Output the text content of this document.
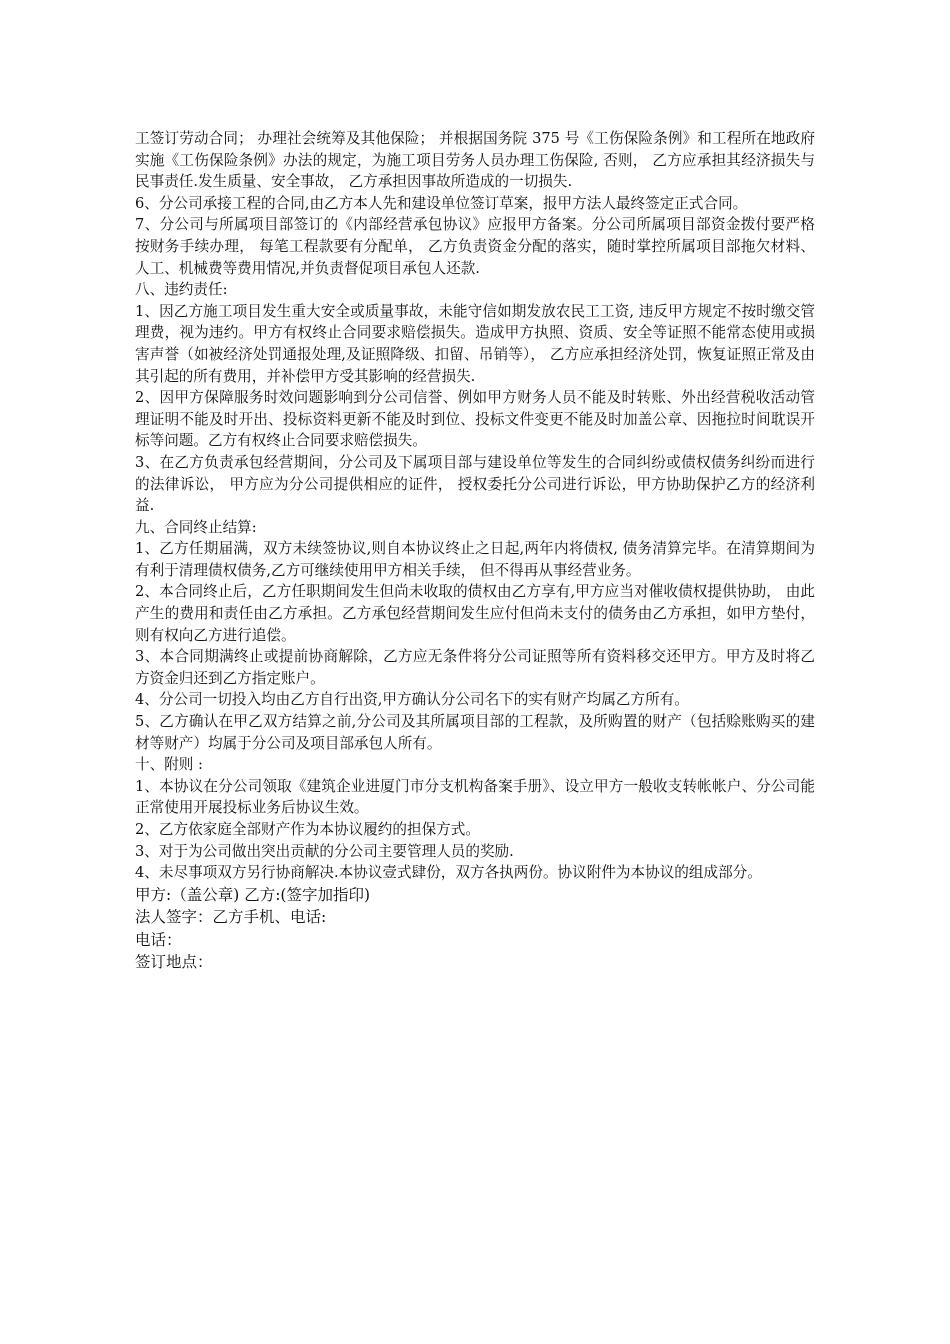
工签订劳动合同； 办理社会统筹及其他保险； 并根据国务院 375 号《工伤保险条例》和工程所在地政府实施《工伤保险条例》办法的规定，为施工项目劳务人员办理工伤保险, 否则， 乙方应承担其经济损失与民事责任.发生质量、安全事故， 乙方承担因事故所造成的一切损失.

6、分公司承接工程的合同,由乙方本人先和建设单位签订草案，报甲方法人最终签定正式合同。

7、分公司与所属项目部签订的《内部经营承包协议》应报甲方备案。分公司所属项目部资金拨付要严格按财务手续办理， 每笔工程款要有分配单， 乙方负责资金分配的落实，随时掌控所属项目部拖欠材料、人工、机械费等费用情况,并负责督促项目承包人还款.

八、违约责任:

1、因乙方施工项目发生重大安全或质量事故，未能守信如期发放农民工工资, 违反甲方规定不按时缴交管理费，视为违约。甲方有权终止合同要求赔偿损失。造成甲方执照、资质、安全等证照不能常态使用或损害声誉（如被经济处罚通报处理,及证照降级、扣留、吊销等）， 乙方应承担经济处罚，恢复证照正常及由其引起的所有费用，并补偿甲方受其影响的经营损失.

2、因甲方保障服务时效问题影响到分公司信誉、例如甲方财务人员不能及时转账、外出经营税收活动管理证明不能及时开出、投标资料更新不能及时到位、投标文件变更不能及时加盖公章、因拖拉时间耽误开标等问题。乙方有权终止合同要求赔偿损失。

3、在乙方负责承包经营期间，分公司及下属项目部与建设单位等发生的合同纠纷或债权债务纠纷而进行的法律诉讼， 甲方应为分公司提供相应的证件， 授权委托分公司进行诉讼，甲方协助保护乙方的经济利益.

九、合同终止结算:

1、乙方任期届满，双方未续签协议,则自本协议终止之日起,两年内将债权, 债务清算完毕。在清算期间为有利于清理债权债务,乙方可继续使用甲方相关手续， 但不得再从事经营业务。

2、本合同终止后，乙方任职期间发生但尚未收取的债权由乙方享有,甲方应当对催收债权提供协助， 由此产生的费用和责任由乙方承担。乙方承包经营期间发生应付但尚未支付的债务由乙方承担，如甲方垫付，则有权向乙方进行追偿。

3、本合同期满终止或提前协商解除，乙方应无条件将分公司证照等所有资料移交还甲方。甲方及时将乙方资金归还到乙方指定账户。

4、分公司一切投入均由乙方自行出资,甲方确认分公司名下的实有财产均属乙方所有。

5、乙方确认在甲乙双方结算之前,分公司及其所属项目部的工程款，及所购置的财产（包括赊账购买的建材等财产）均属于分公司及项目部承包人所有。

十、附则 :

1、本协议在分公司领取《建筑企业进厦门市分支机构备案手册》、设立甲方一般收支转帐帐户、分公司能正常使用开展投标业务后协议生效。

2、乙方依家庭全部财产作为本协议履约的担保方式。

3、对于为公司做出突出贡献的分公司主要管理人员的奖励.

4、未尽事项双方另行协商解决.本协议壹式肆份，双方各执两份。协议附件为本协议的组成部分。

甲方:（盖公章) 乙方:(签字加指印)

法人签字：乙方手机、电话:

电话：

签订地点：
